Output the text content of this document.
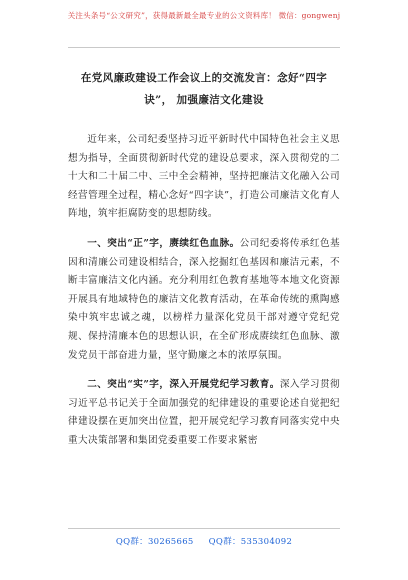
关注头条号“公文研究”，获得最新最全最专业的公文资料库！ 微信：gongwenj
在党风廉政建设工作会议上的交流发言：念好“四字诀”， 加强廉洁文化建设

近年来，公司纪委坚持习近平新时代中国特色社会主义思想为指导，全面贯彻新时代党的建设总要求，深入贯彻党的二十大和二十届二中、三中全会精神，坚持把廉洁文化融入公司经营管理全过程，精心念好“四字诀”，打造公司廉洁文化育人阵地，筑牢拒腐防变的思想防线。

一、突出“正”字，赓续红色血脉。公司纪委将传承红色基因和清廉公司建设相结合，深入挖掘红色基因和廉洁元素，不断丰富廉洁文化内涵。充分利用红色教育基地等本地文化资源开展具有地域特色的廉洁文化教育活动，在革命传统的熏陶感染中筑牢忠诚之魂，以榜样力量深化党员干部对遵守党纪党规、保持清廉本色的思想认识，在全矿形成赓续红色血脉、激发党员干部奋进力量，坚守勤廉之本的浓厚氛围。

二、突出“实”字，深入开展党纪学习教育。深入学习贯彻习近平总书记关于全面加强党的纪律建设的重要论述自觉把纪律建设摆在更加突出位置，把开展党纪学习教育同落实党中央重大决策部署和集团党委重要工作要求紧密

QQ群：30265665 QQ群：535304092
